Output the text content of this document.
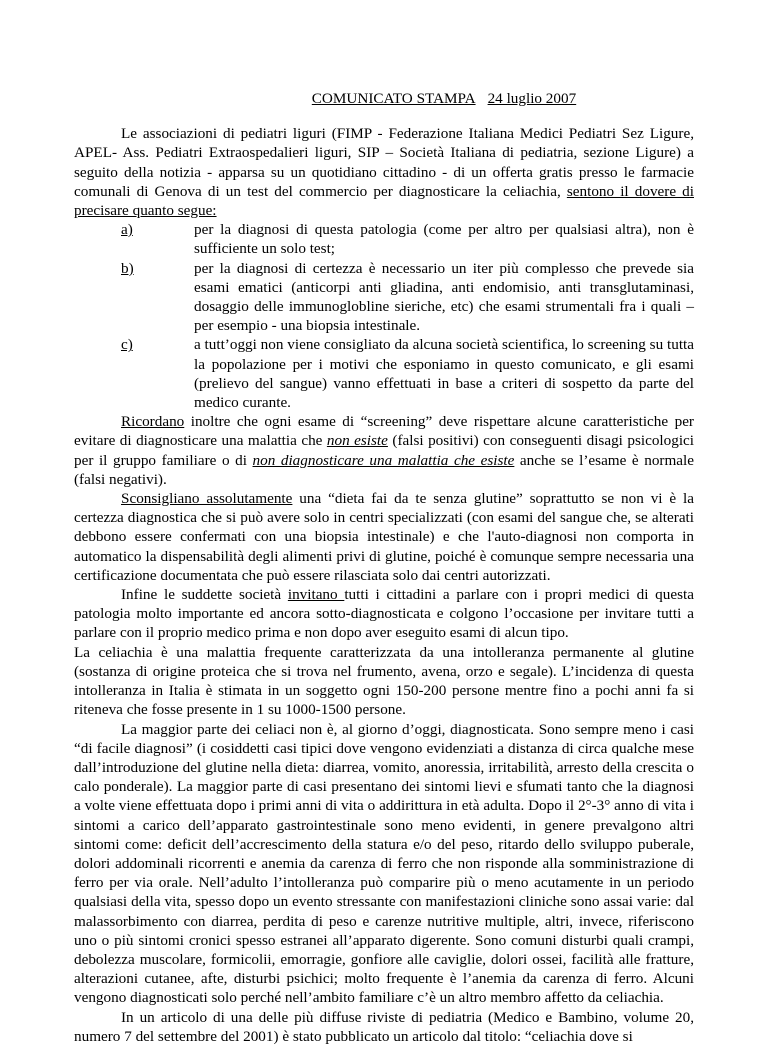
COMUNICATO STAMPA 24 luglio 2007

Le associazioni di pediatri liguri (FIMP - Federazione Italiana Medici Pediatri Sez Ligure, APEL- Ass. Pediatri Extraospedalieri liguri, SIP – Società Italiana di pediatria, sezione Ligure) a seguito della notizia - apparsa su un quotidiano cittadino - di un offerta gratis presso le farmacie comunali di Genova di un test del commercio per diagnosticare la celiachia, sentono il dovere di precisare quanto segue:

a)	per la diagnosi di questa patologia (come per altro per qualsiasi altra), non è sufficiente un solo test;
b)	per la diagnosi di certezza è necessario un iter più complesso che prevede sia esami ematici (anticorpi anti gliadina, anti endomisio, anti transglutaminasi, dosaggio delle immunoglobline sieriche, etc) che esami strumentali fra i quali – per esempio - una biopsia intestinale.
c)	a tutt’oggi non viene consigliato da alcuna società scientifica, lo screening su tutta la popolazione per i motivi che esponiamo in questo comunicato, e gli esami (prelievo del sangue) vanno effettuati in base a criteri di sospetto da parte del medico curante.

Ricordano inoltre che ogni esame di “screening” deve rispettare alcune caratteristiche per evitare di diagnosticare una malattia che non esiste (falsi positivi) con conseguenti disagi psicologici per il gruppo familiare o di non diagnosticare una malattia che esiste anche se l’esame è normale (falsi negativi).

Sconsigliano assolutamente una “dieta fai da te senza glutine” soprattutto se non vi è la certezza diagnostica che si può avere solo in centri specializzati (con esami del sangue che, se alterati debbono essere confermati con una biopsia intestinale) e che l'auto-diagnosi non comporta in automatico la dispensabilità degli alimenti privi di glutine, poiché è comunque sempre necessaria una certificazione documentata che può essere rilasciata solo dai centri autorizzati.

Infine le suddette società invitano tutti i cittadini a parlare con i propri medici di questa patologia molto importante ed ancora sotto-diagnosticata e colgono l’occasione per invitare tutti a parlare con il proprio medico prima e non dopo aver eseguito esami di alcun tipo.

La celiachia è una malattia frequente caratterizzata da una intolleranza permanente al glutine (sostanza di origine proteica che si trova nel frumento, avena, orzo e segale). L’incidenza di questa intolleranza in Italia è stimata in un soggetto ogni 150-200 persone mentre fino a pochi anni fa si riteneva che fosse presente in 1 su 1000-1500 persone.

La maggior parte dei celiaci non è, al giorno d’oggi, diagnosticata. Sono sempre meno i casi “di facile diagnosi” (i cosiddetti casi tipici dove vengono evidenziati a distanza di circa qualche mese dall’introduzione del glutine nella dieta: diarrea, vomito, anoressia, irritabilità, arresto della crescita o calo ponderale). La maggior parte di casi presentano dei sintomi lievi e sfumati tanto che la diagnosi a volte viene effettuata dopo i primi anni di vita o addirittura in età adulta. Dopo il 2°-3° anno di vita i sintomi a carico dell’apparato gastrointestinale sono meno evidenti, in genere prevalgono altri sintomi come: deficit dell’accrescimento della statura e/o del peso, ritardo dello sviluppo puberale, dolori addominali ricorrenti e anemia da carenza di ferro che non risponde alla somministrazione di ferro per via orale. Nell’adulto l’intolleranza può comparire più o meno acutamente in un periodo qualsiasi della vita, spesso dopo un evento stressante con manifestazioni cliniche sono assai varie: dal malassorbimento con diarrea, perdita di peso e carenze nutritive multiple, altri, invece, riferiscono uno o più sintomi cronici spesso estranei all’apparato digerente. Sono comuni disturbi quali crampi, debolezza muscolare, formicolii, emorragie, gonfiore alle caviglie, dolori ossei, facilità alle fratture, alterazioni cutanee, afte, disturbi psichici; molto frequente è l’anemia da carenza di ferro. Alcuni vengono diagnosticati solo perché nell’ambito familiare c’è un altro membro affetto da celiachia.

In un articolo di una delle più diffuse riviste di pediatria (Medico e Bambino, volume 20, numero 7 del settembre del 2001) è stato pubblicato un articolo dal titolo: “celiachia dove si
